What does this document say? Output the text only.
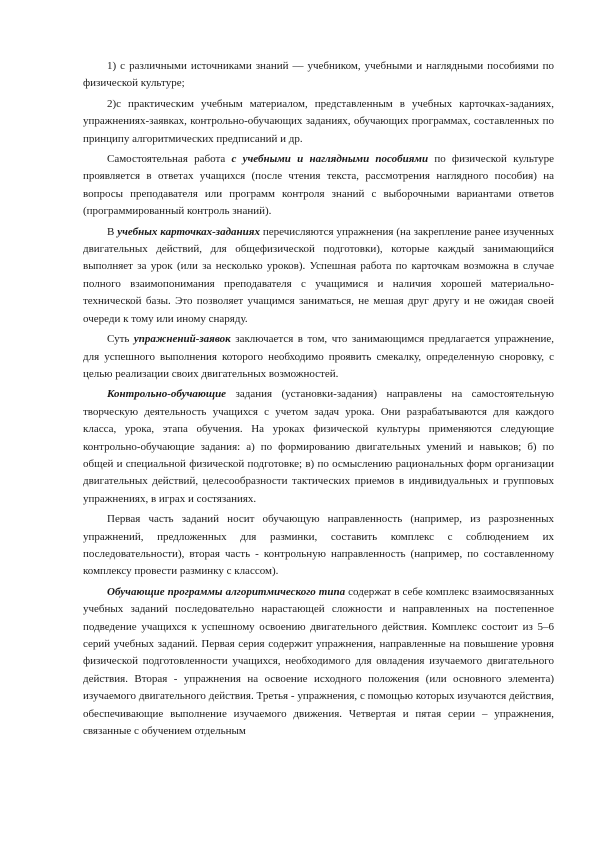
1) с различными источниками знаний — учебником, учебными и наглядными пособиями по физической культуре;

2)с практическим учебным материалом, представленным в учебных карточках-заданиях, упражнениях-заявках, контрольно-обучающих заданиях, обучающих программах, составленных по принципу алгоритмических предписаний и др.

Самостоятельная работа с учебными и наглядными пособиями по физической культуре проявляется в ответах учащихся (после чтения текста, рассмотрения наглядного пособия) на вопросы преподавателя или программ контроля знаний с выборочными вариантами ответов (программированный контроль знаний).

В учебных карточках-заданиях перечисляются упражнения (на закрепление ранее изученных двигательных действий, для общефизической подготовки), которые каждый занимающийся выполняет за урок (или за несколько уроков). Успешная работа по карточкам возможна в случае полного взаимопонимания преподавателя с учащимися и наличия хорошей материально-технической базы. Это позволяет учащимся заниматься, не мешая друг другу и не ожидая своей очереди к тому или иному снаряду.

Суть упражнений-заявок заключается в том, что занимающимся предлагается упражнение, для успешного выполнения которого необходимо проявить смекалку, определенную сноровку, с целью реализации своих двигательных возможностей.

Контрольно-обучающие задания (установки-задания) направлены на самостоятельную творческую деятельность учащихся с учетом задач урока. Они разрабатываются для каждого класса, урока, этапа обучения. На уроках физической культуры применяются следующие контрольно-обучающие задания: а) по формированию двигательных умений и навыков; б) по общей и специальной физической подготовке; в) по осмыслению рациональных форм организации двигательных действий, целесообразности тактических приемов в индивидуальных и групповых упражнениях, в играх и состязаниях.

Первая часть заданий носит обучающую направленность (например, из разрозненных упражнений, предложенных для разминки, составить комплекс с соблюдением их последовательности), вторая часть - контрольную направленность (например, по составленному комплексу провести разминку с классом).

Обучающие программы алгоритмического типа содержат в себе комплекс взаимосвязанных учебных заданий последовательно нарастающей сложности и направленных на постепенное подведение учащихся к успешному освоению двигательного действия. Комплекс состоит из 5–6 серий учебных заданий. Первая серия содержит упражнения, направленные на повышение уровня физической подготовленности учащихся, необходимого для овладения изучаемого двигательного действия. Вторая - упражнения на освоение исходного положения (или основного элемента) изучаемого двигательного действия. Третья - упражнения, с помощью которых изучаются действия, обеспечивающие выполнение изучаемого движения. Четвертая и пятая серии – упражнения, связанные с обучением отдельным
